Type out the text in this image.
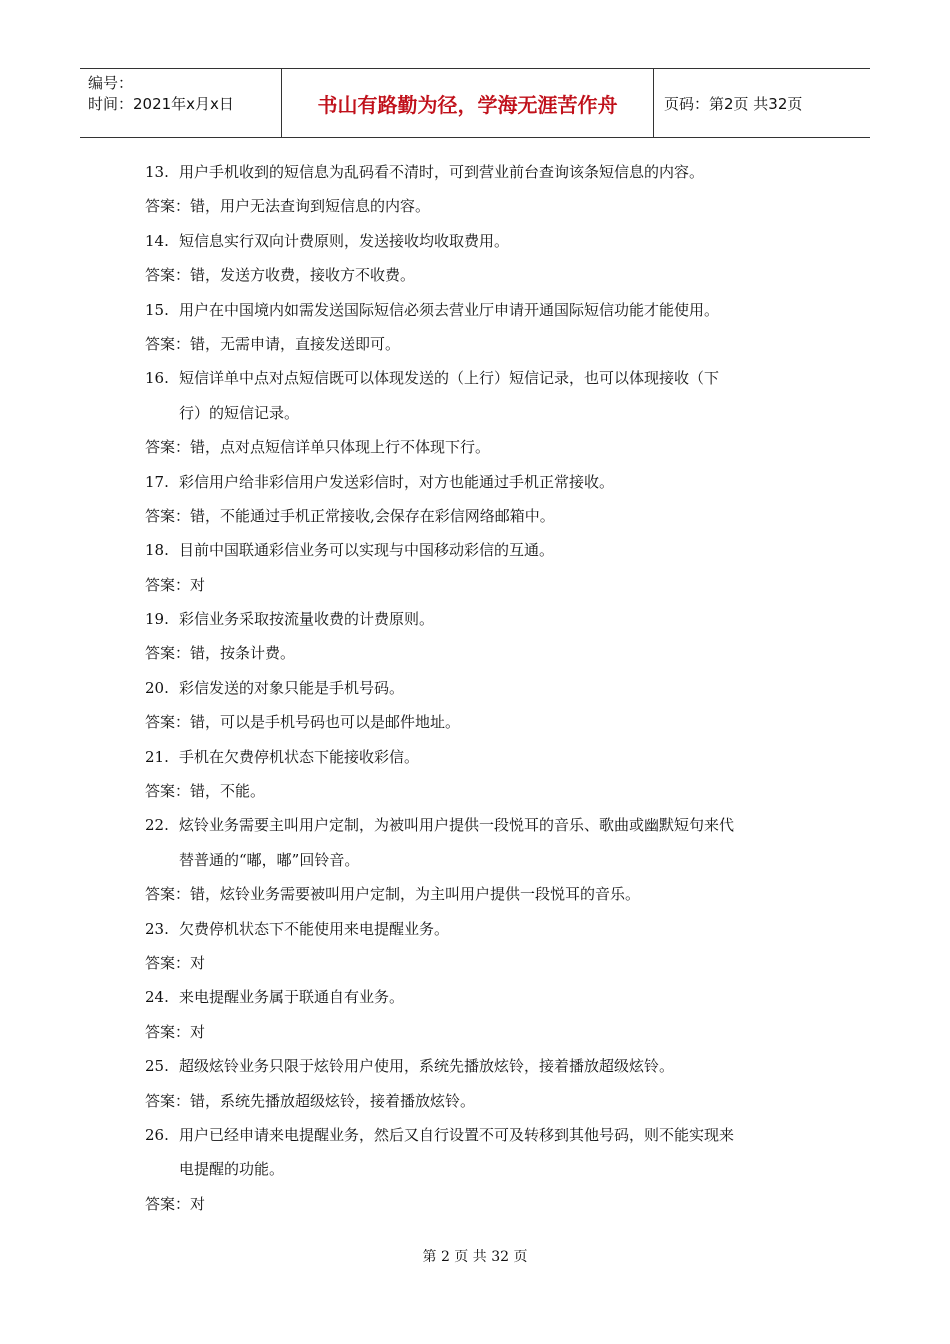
编号：
时间：2021年x月x日	书山有路勤为径，学海无涯苦作舟	页码：第2页 共32页
13. 用户手机收到的短信息为乱码看不清时，可到营业前台查询该条短信息的内容。
答案：错，用户无法查询到短信息的内容。
14. 短信息实行双向计费原则，发送接收均收取费用。
答案：错，发送方收费，接收方不收费。
15. 用户在中国境内如需发送国际短信必须去营业厅申请开通国际短信功能才能使用。
答案：错，无需申请，直接发送即可。
16. 短信详单中点对点短信既可以体现发送的（上行）短信记录，也可以体现接收（下
行）的短信记录。
答案：错，点对点短信详单只体现上行不体现下行。
17. 彩信用户给非彩信用户发送彩信时，对方也能通过手机正常接收。
答案：错，不能通过手机正常接收,会保存在彩信网络邮箱中。
18. 目前中国联通彩信业务可以实现与中国移动彩信的互通。
答案：对
19. 彩信业务采取按流量收费的计费原则。
答案：错，按条计费。
20. 彩信发送的对象只能是手机号码。
答案：错，可以是手机号码也可以是邮件地址。
21. 手机在欠费停机状态下能接收彩信。
答案：错，不能。
22. 炫铃业务需要主叫用户定制，为被叫用户提供一段悦耳的音乐、歌曲或幽默短句来代
替普通的“嘟，嘟”回铃音。
答案：错，炫铃业务需要被叫用户定制，为主叫用户提供一段悦耳的音乐。
23. 欠费停机状态下不能使用来电提醒业务。
答案：对
24. 来电提醒业务属于联通自有业务。
答案：对
25. 超级炫铃业务只限于炫铃用户使用，系统先播放炫铃，接着播放超级炫铃。
答案：错，系统先播放超级炫铃，接着播放炫铃。
26. 用户已经申请来电提醒业务，然后又自行设置不可及转移到其他号码，则不能实现来
电提醒的功能。
答案：对
第 2 页 共 32 页
